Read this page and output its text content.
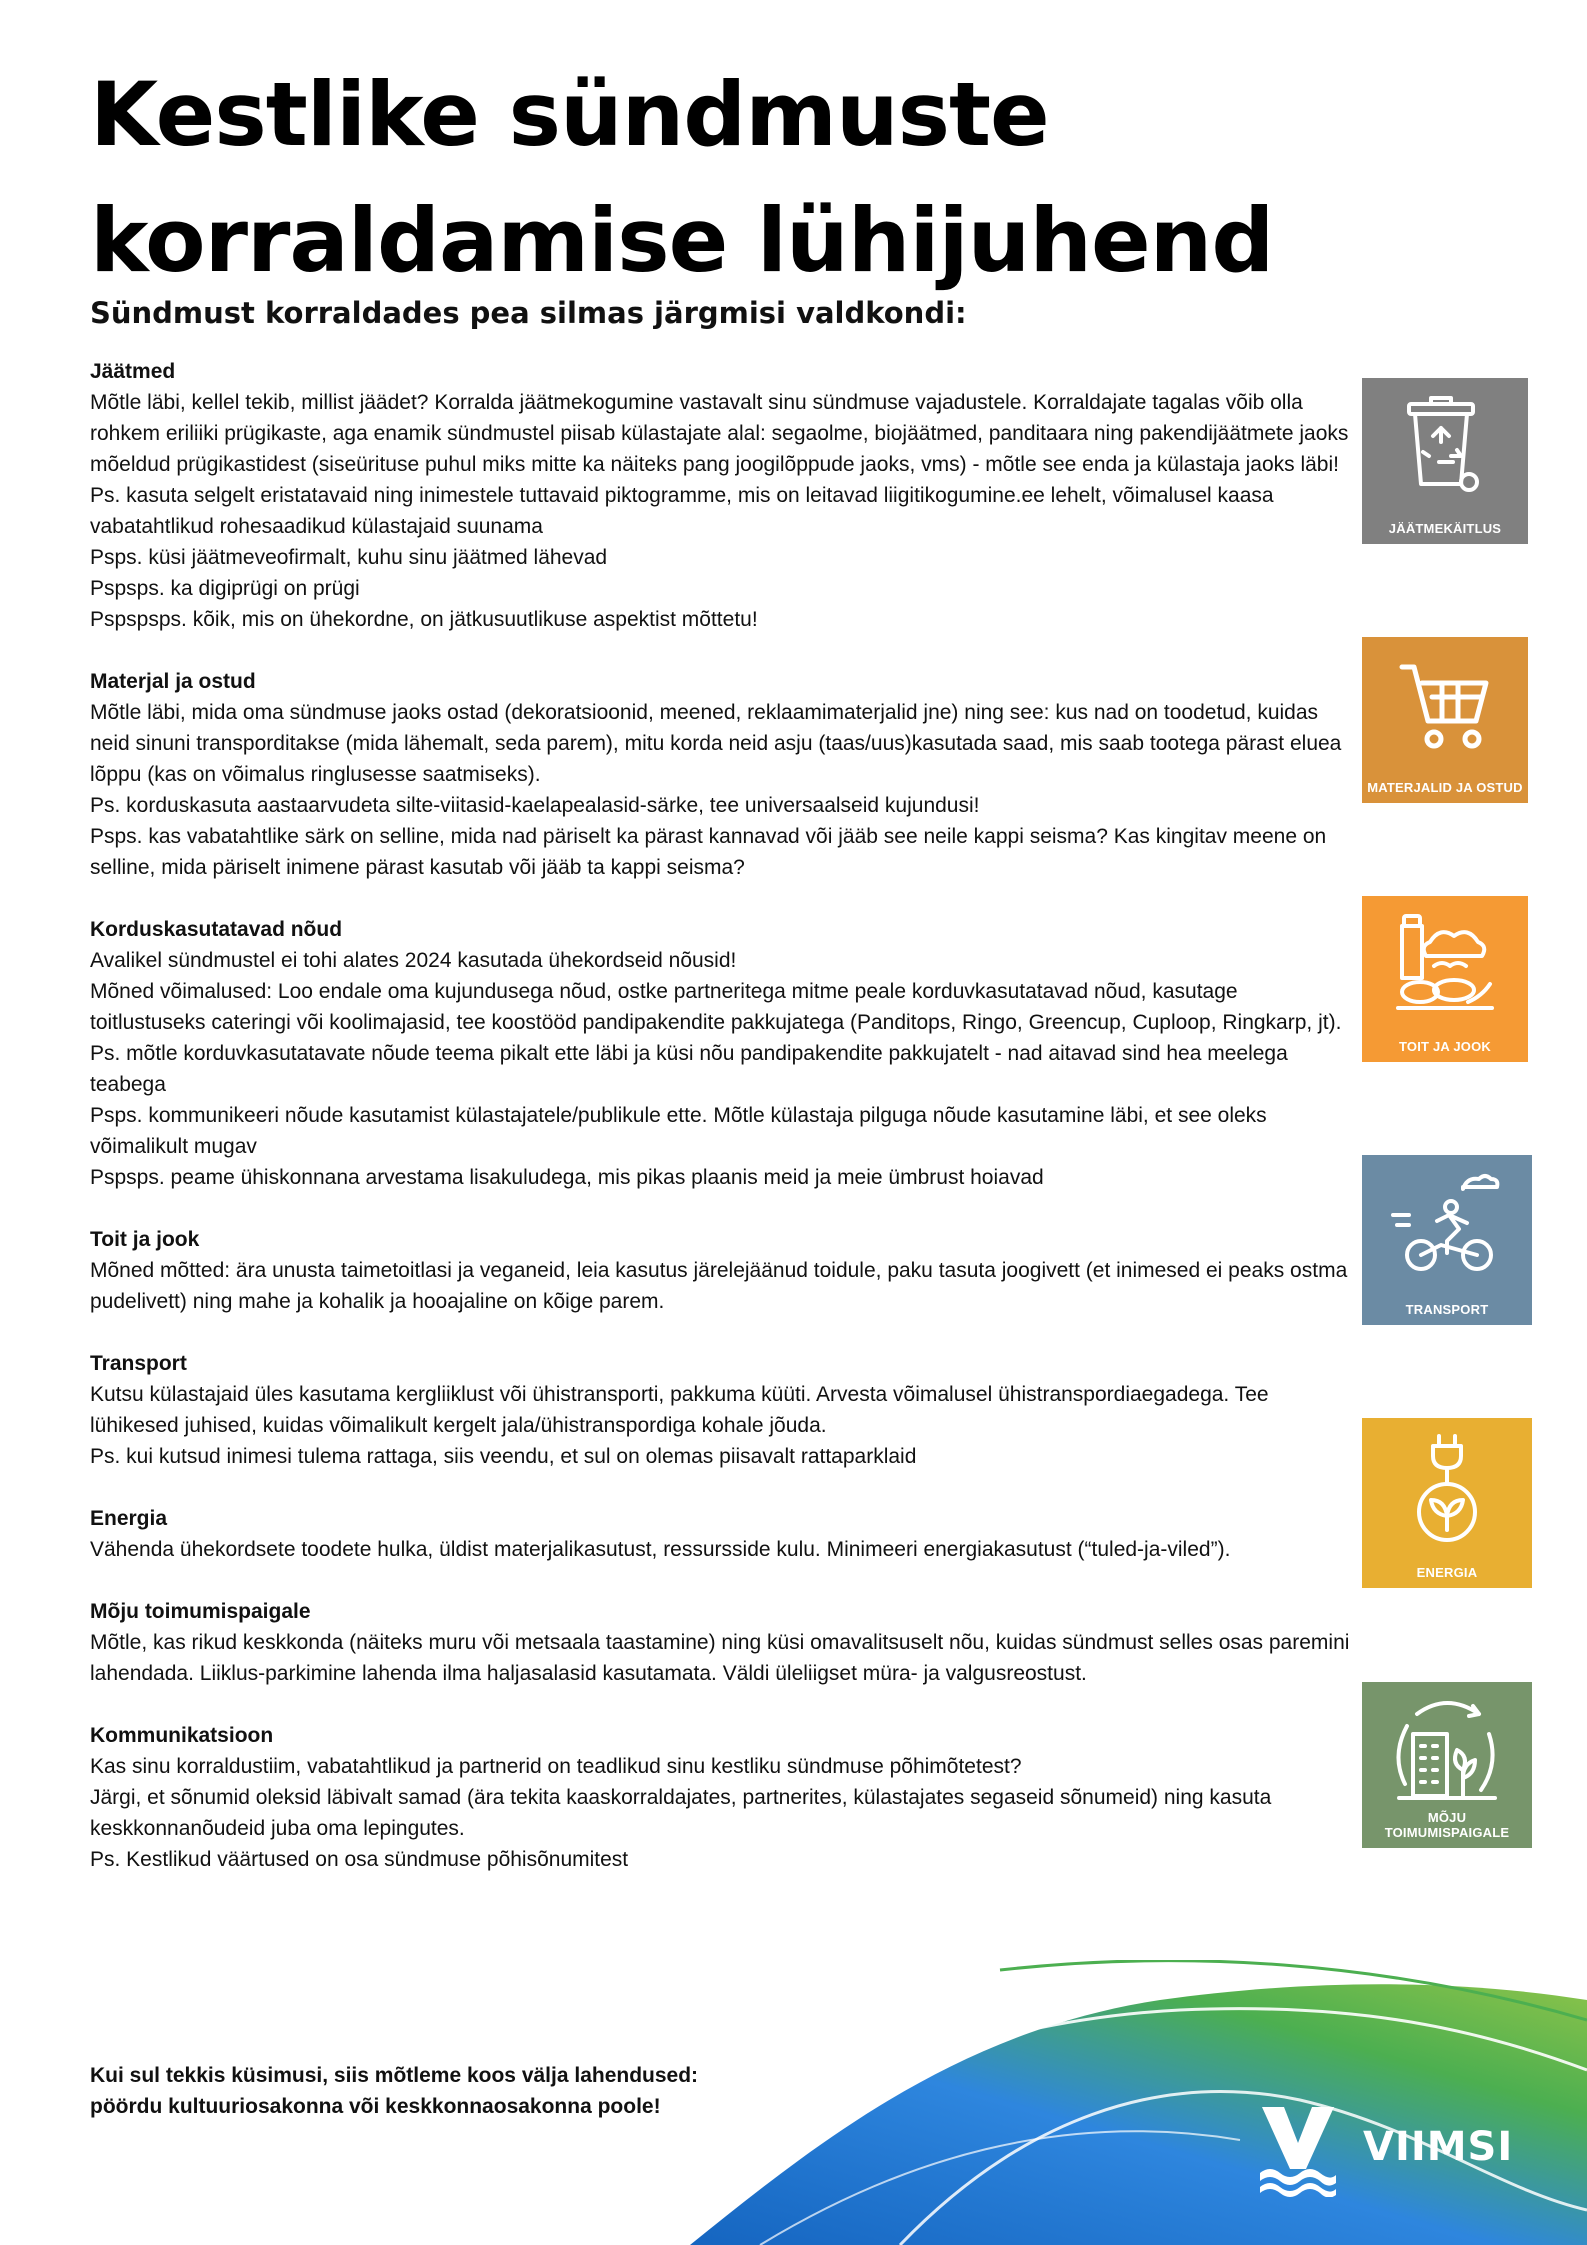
Kestlike sündmuste
korraldamise lühijuhend
Sündmust korraldades pea silmas järgmisi valdkondi:
Jäätmed
Mõtle läbi, kellel tekib, millist jäädet? Korralda jäätmekogumine vastavalt sinu sündmuse vajadustele. Korraldajate tagalas võib olla rohkem eriliiki prügikaste, aga enamik sündmustel piisab külastajate alal: segaolme, biojäätmed, panditaara ning pakendijäätmete jaoks mõeldud prügikastidest (siseürituse puhul miks mitte ka näiteks pang joogilõppude jaoks, vms) - mõtle see enda ja külastaja jaoks läbi!
Ps. kasuta selgelt eristatavaid ning inimestele tuttavaid piktogramme, mis on leitavad liigitikogumine.ee lehelt, võimalusel kaasa vabatahtlikud rohesaadikud külastajaid suunama
Psps. küsi jäätmeveofirmalt, kuhu sinu jäätmed lähevad
Pspsps. ka digiprügi on prügi
Pspspsps. kõik, mis on ühekordne, on jätkusuutlikuse aspektist mõttetu!
Materjal ja ostud
Mõtle läbi, mida oma sündmuse jaoks ostad (dekoratsioonid, meened, reklaamimaterjalid jne) ning see: kus nad on toodetud, kuidas neid sinuni transporditakse (mida lähemalt, seda parem), mitu korda neid asju (taas/uus)kasutada saad, mis saab tootega pärast eluea lõppu (kas on võimalus ringlusesse saatmiseks).
Ps. korduskasuta aastaarvudeta silte-viitasid-kaelapealasid-särke, tee universaalseid kujundusi!
Psps. kas vabatahtlike särk on selline, mida nad päriselt ka pärast kannavad või jääb see neile kappi seisma? Kas kingitav meene on selline, mida päriselt inimene pärast kasutab või jääb ta kappi seisma?
Korduskasutatavad nõud
Avalikel sündmustel ei tohi alates 2024 kasutada ühekordseid nõusid!
Mõned võimalused: Loo endale oma kujundusega nõud, ostke partneritega mitme peale korduvkasutatavad nõud, kasutage toitlustuseks cateringi või koolimajasid, tee koostööd pandipakendite pakkujatega (Panditops, Ringo, Greencup, Cuploop, Ringkarp, jt).
Ps. mõtle korduvkasutatavate nõude teema pikalt ette läbi ja küsi nõu pandipakendite pakkujatelt - nad aitavad sind hea meelega teabega
Psps. kommunikeeri nõude kasutamist külastajatele/publikule ette. Mõtle külastaja pilguga nõude kasutamine läbi, et see oleks võimalikult mugav
Pspsps. peame ühiskonnana arvestama lisakuludega, mis pikas plaanis meid ja meie ümbrust hoiavad
Toit ja jook
Mõned mõtted: ära unusta taimetoitlasi ja veganeid, leia kasutus järelejäänud toidule, paku tasuta joogivett (et inimesed ei peaks ostma pudelivett) ning mahe ja kohalik ja hooajaline on kõige parem.
Transport
Kutsu külastajaid üles kasutama kergliiklust või ühistransporti, pakkuma küüti. Arvesta võimalusel ühistranspordiaegadega. Tee lühikesed juhised, kuidas võimalikult kergelt jala/ühistranspordiga kohale jõuda.
Ps. kui kutsud inimesi tulema rattaga, siis veendu, et sul on olemas piisavalt rattaparklaid
Energia
Vähenda ühekordsete toodete hulka, üldist materjalikasutust, ressursside kulu. Minimeeri energiakasutust (“tuled-ja-viled”).
Mõju toimumispaigale
Mõtle, kas rikud keskkonda (näiteks muru või metsaala taastamine) ning küsi omavalitsuselt nõu, kuidas sündmust selles osas paremini lahendada. Liiklus-parkimine lahenda ilma haljasalasid kasutamata. Väldi üleliigset müra- ja valgusreostust.
Kommunikatsioon
Kas sinu korraldustiim, vabatahtlikud ja partnerid on teadlikud sinu kestliku sündmuse põhimõtetest?
Järgi, et sõnumid oleksid läbivalt samad (ära tekita kaaskorraldajates, partnerites, külastajates segaseid sõnumeid) ning kasuta keskkonnanõudeid juba oma lepingutes.
Ps. Kestlikud väärtused on osa sündmuse põhisõnumitest
Kui sul tekkis küsimusi, siis mõtleme koos välja lahendused:
pöördu kultuuriosakonna või keskkonnaosakonna poole!
JÄÄTMEKÄITLUS
MATERJALID JA OSTUD
TOIT JA JOOK
TRANSPORT
ENERGIA
MÕJU TOIMUMISPAIGALE
VIIMSI
